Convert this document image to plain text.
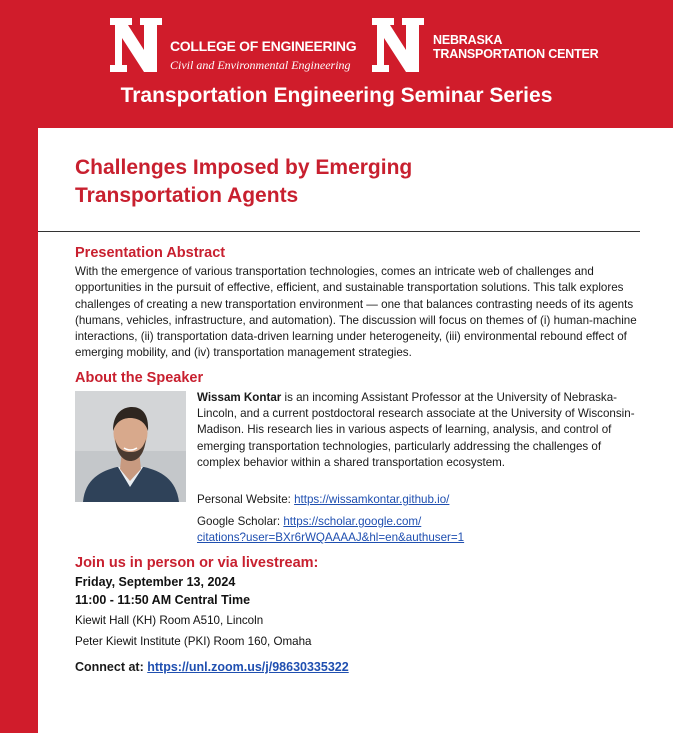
COLLEGE OF ENGINEERING
Civil and Environmental Engineering
NEBRASKA
TRANSPORTATION CENTER
Transportation Engineering Seminar Series
Challenges Imposed by Emerging
Transportation Agents
Presentation Abstract
With the emergence of various transportation technologies, comes an intricate web of challenges and opportunities in the pursuit of effective, efficient, and sustainable transportation solutions. This talk explores challenges of creating a new transportation environment — one that balances contrasting needs of its agents (humans, vehicles, infrastructure, and automation). The discussion will focus on themes of (i) human-machine interactions, (ii) transportation data-driven learning under heterogeneity, (iii) environmental rebound effect of emerging mobility, and (iv) transportation management strategies.
About the Speaker
Wissam Kontar is an incoming Assistant Professor at the University of Nebraska-Lincoln, and a current postdoctoral research associate at the University of Wisconsin-Madison. His research lies in various aspects of learning, analysis, and control of emerging transportation technologies, particularly addressing the challenges of complex behavior within a shared transportation ecosystem.
Personal Website: https://wissamkontar.github.io/
Google Scholar: https://scholar.google.com/
citations?user=BXr6rWQAAAAJ&hl=en&authuser=1
Join us in person or via livestream:
Friday, September 13, 2024
11:00 - 11:50 AM Central Time
Kiewit Hall (KH) Room A510, Lincoln
Peter Kiewit Institute (PKI) Room 160, Omaha
Connect at: https://unl.zoom.us/j/98630335322
